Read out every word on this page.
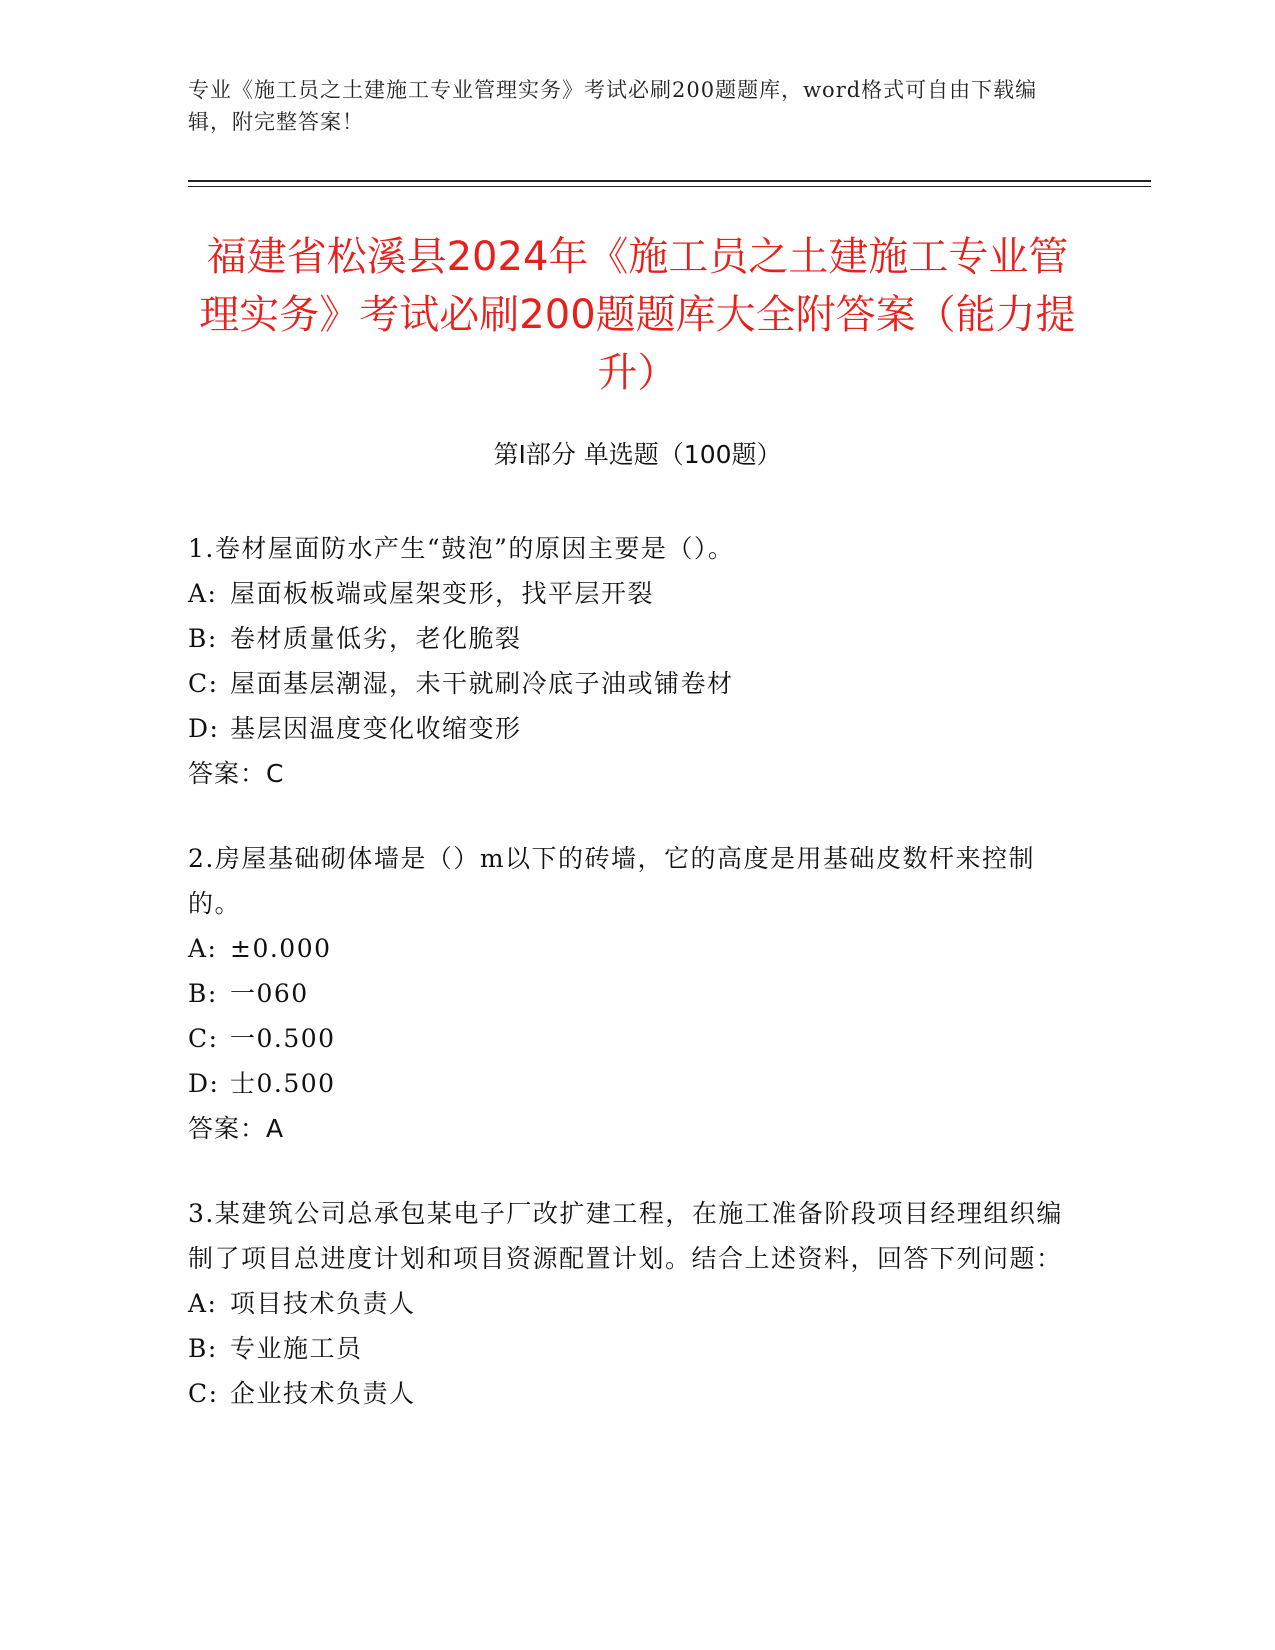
专业《施工员之土建施工专业管理实务》考试必刷200题题库，word格式可自由下载编辑，附完整答案！
福建省松溪县2024年《施工员之土建施工专业管理实务》考试必刷200题题库大全附答案（能力提升）
第Ⅰ部分 单选题（100题）
1.卷材屋面防水产生“鼓泡”的原因主要是（）。
A: 屋面板板端或屋架变形，找平层开裂
B: 卷材质量低劣，老化脆裂
C: 屋面基层潮湿，未干就刷冷底子油或铺卷材
D: 基层因温度变化收缩变形
答案：C
2.房屋基础砌体墙是（）m以下的砖墙，它的高度是用基础皮数杆来控制的。
A: ±0.000
B: 一060
C: 一0.500
D: 士0.500
答案：A
3.某建筑公司总承包某电子厂改扩建工程，在施工准备阶段项目经理组织编制了项目总进度计划和项目资源配置计划。结合上述资料，回答下列问题：
A: 项目技术负责人
B: 专业施工员
C: 企业技术负责人
